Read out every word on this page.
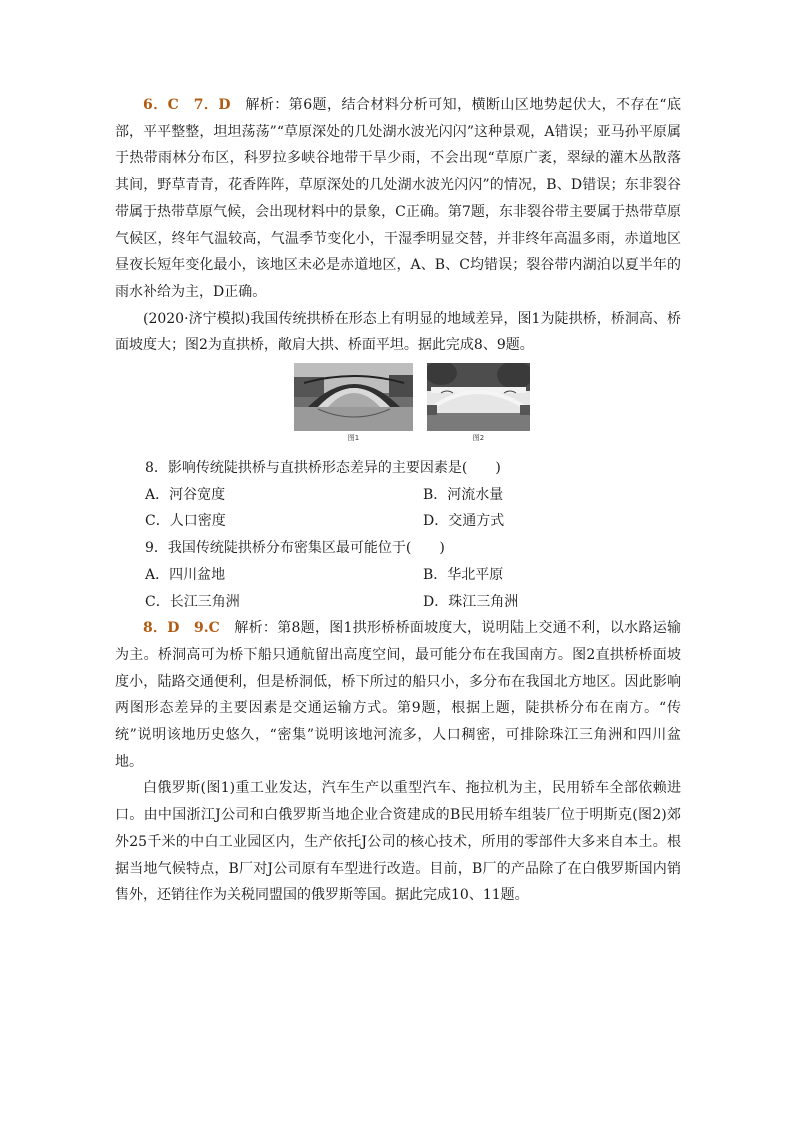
6．C　7．D　解析：第6题，结合材料分析可知，横断山区地势起伏大，不存在“底部，平平整整，坦坦荡荡”“草原深处的几处湖水波光闪闪”这种景观，A错误；亚马孙平原属于热带雨林分布区，科罗拉多峡谷地带干旱少雨，不会出现“草原广袤，翠绿的灌木丛散落其间，野草青青，花香阵阵，草原深处的几处湖水波光闪闪”的情况，B、D错误；东非裂谷带属于热带草原气候，会出现材料中的景象，C正确。第7题，东非裂谷带主要属于热带草原气候区，终年气温较高，气温季节变化小，干湿季明显交替，并非终年高温多雨，赤道地区昼夜长短年变化最小，该地区未必是赤道地区，A、B、C均错误；裂谷带内湖泊以夏半年的雨水补给为主，D正确。

(2020·济宁模拟)我国传统拱桥在形态上有明显的地域差异，图1为陡拱桥，桥洞高、桥面坡度大；图2为直拱桥，敞肩大拱、桥面平坦。据此完成8、9题。

图1	图2

8．影响传统陡拱桥与直拱桥形态差异的主要因素是(　　)

A．河谷宽度	B．河流水量
C．人口密度	D．交通方式

9．我国传统陡拱桥分布密集区最可能位于(　　)

A．四川盆地	B．华北平原
C．长江三角洲	D．珠江三角洲

8．D　9.C　解析：第8题，图1拱形桥桥面坡度大，说明陆上交通不利，以水路运输为主。桥洞高可为桥下船只通航留出高度空间，最可能分布在我国南方。图2直拱桥桥面坡度小，陆路交通便利，但是桥洞低，桥下所过的船只小，多分布在我国北方地区。因此影响两图形态差异的主要因素是交通运输方式。第9题，根据上题，陡拱桥分布在南方。“传统”说明该地历史悠久，“密集”说明该地河流多，人口稠密，可排除珠江三角洲和四川盆地。

白俄罗斯(图1)重工业发达，汽车生产以重型汽车、拖拉机为主，民用轿车全部依赖进口。由中国浙江J公司和白俄罗斯当地企业合资建成的B民用轿车组装厂位于明斯克(图2)郊外25千米的中白工业园区内，生产依托J公司的核心技术，所用的零部件大多来自本土。根据当地气候特点，B厂对J公司原有车型进行改造。目前，B厂的产品除了在白俄罗斯国内销售外，还销往作为关税同盟国的俄罗斯等国。据此完成10、11题。
